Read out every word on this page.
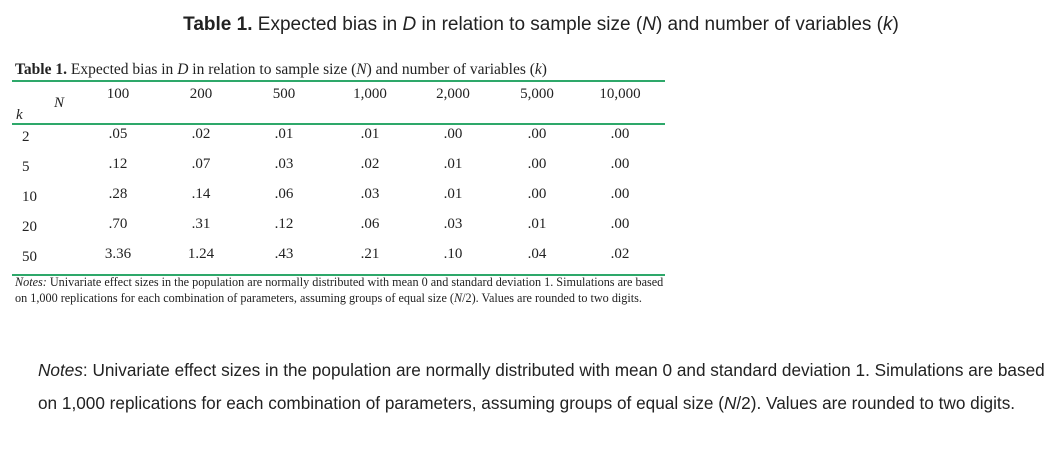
Table 1. Expected bias in D in relation to sample size (N) and number of variables (k)
Table 1. Expected bias in D in relation to sample size (N) and number of variables (k)
100	200	500	1,000	2,000	5,000	10,000
N
k
2	.05	.02	.01	.01	.00	.00	.00
5	.12	.07	.03	.02	.01	.00	.00
10	.28	.14	.06	.03	.01	.00	.00
20	.70	.31	.12	.06	.03	.01	.00
50	3.36	1.24	.43	.21	.10	.04	.02
Notes: Univariate effect sizes in the population are normally distributed with mean 0 and standard deviation 1. Simulations are based on 1,000 replications for each combination of parameters, assuming groups of equal size (N/2). Values are rounded to two digits.
Notes: Univariate effect sizes in the population are normally distributed with mean 0 and standard deviation 1. Simulations are based on 1,000 replications for each combination of parameters, assuming groups of equal size (N/2). Values are rounded to two digits.
